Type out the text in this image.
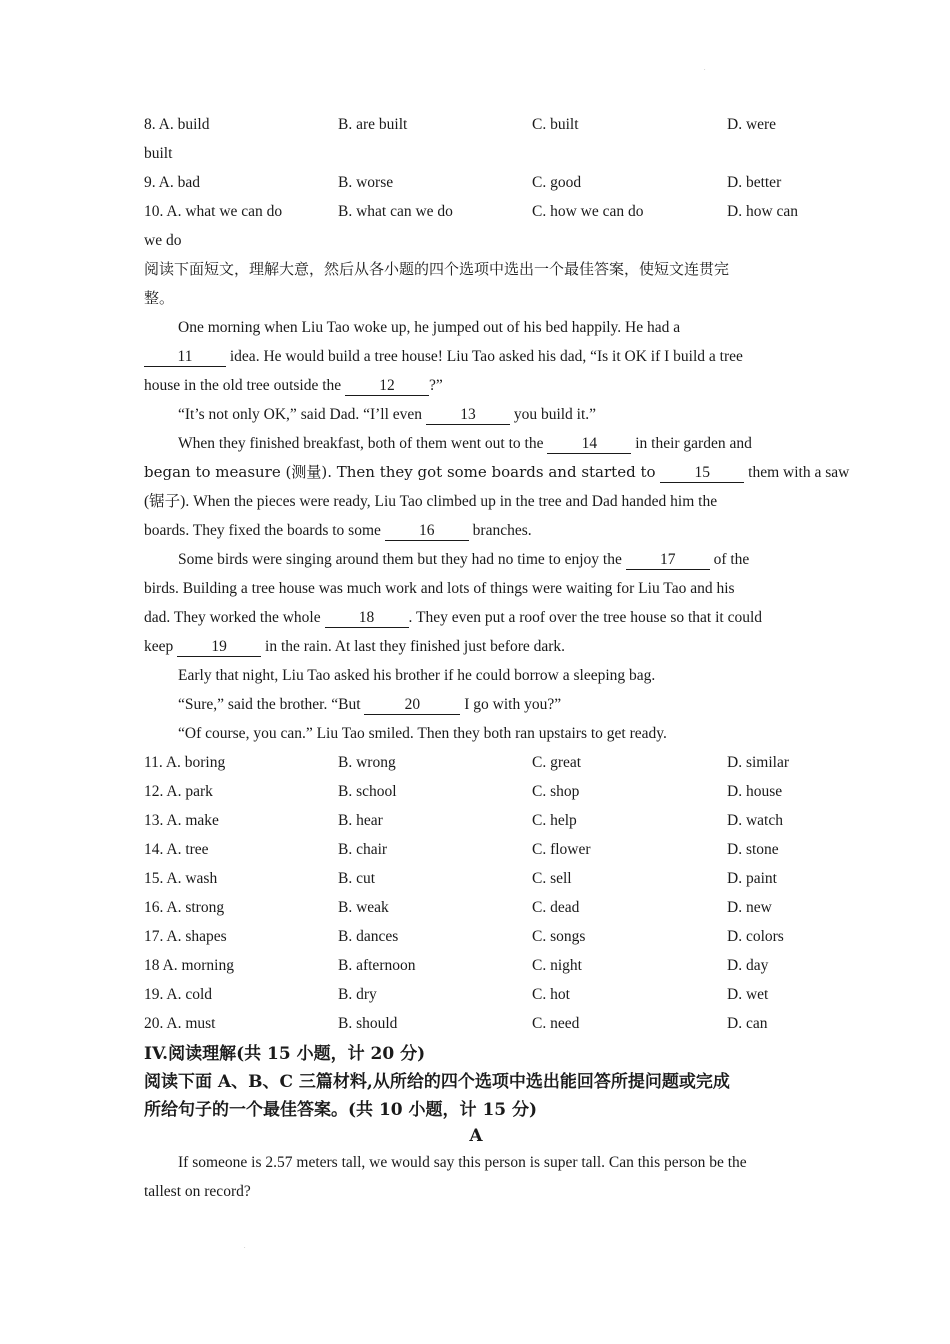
.
8. A. build	B. are built	C. built	D. were
built
9. A. bad	B. worse	C. good	D. better
10. A. what we can do	B. what can we do	C. how we can do	D. how can
we do
阅读下面短文，理解大意，然后从各小题的四个选项中选出一个最佳答案，使短文连贯完
整。
One morning when Liu Tao woke up, he jumped out of his bed happily. He had a
11 idea. He would build a tree house! Liu Tao asked his dad, “Is it OK if I build a tree
house in the old tree outside the 12 ?”
“It’s not only OK,” said Dad. “I’ll even 13 you build it.”
When they finished breakfast, both of them went out to the 14 in their garden and
began to measure (测量). Then they got some boards and started to 15 them with a saw
(锯子). When the pieces were ready, Liu Tao climbed up in the tree and Dad handed him the
boards. They fixed the boards to some 16 branches.
Some birds were singing around them but they had no time to enjoy the 17 of the
birds. Building a tree house was much work and lots of things were waiting for Liu Tao and his
dad. They worked the whole 18 . They even put a roof over the tree house so that it could
keep 19 in the rain. At last they finished just before dark.
Early that night, Liu Tao asked his brother if he could borrow a sleeping bag.
“Sure,” said the brother. “But	20	I go with you?”
“Of course, you can.” Liu Tao smiled. Then they both ran upstairs to get ready.
11. A. boring	B. wrong	C. great	D. similar
12. A. park	B. school	C. shop	D. house
13. A. make	B. hear	C. help	D. watch
14. A. tree	B. chair	C. flower	D. stone
15. A. wash	B. cut	C. sell	D. paint
16. A. strong	B. weak	C. dead	D. new
17. A. shapes	B. dances	C. songs	D. colors
18 A. morning	B. afternoon	C. night	D. day
19. A. cold	B. dry	C. hot	D. wet
20. A. must	B. should	C. need	D. can
IV.阅读理解(共 15 小题，计 20 分)
阅读下面 A、B、C 三篇材料,从所给的四个选项中选出能回答所提问题或完成
所给句子的一个最佳答案。(共 10 小题，计 15 分)
A
If someone is 2.57 meters tall, we would say this person is super tall. Can this person be the
tallest on record?
.
